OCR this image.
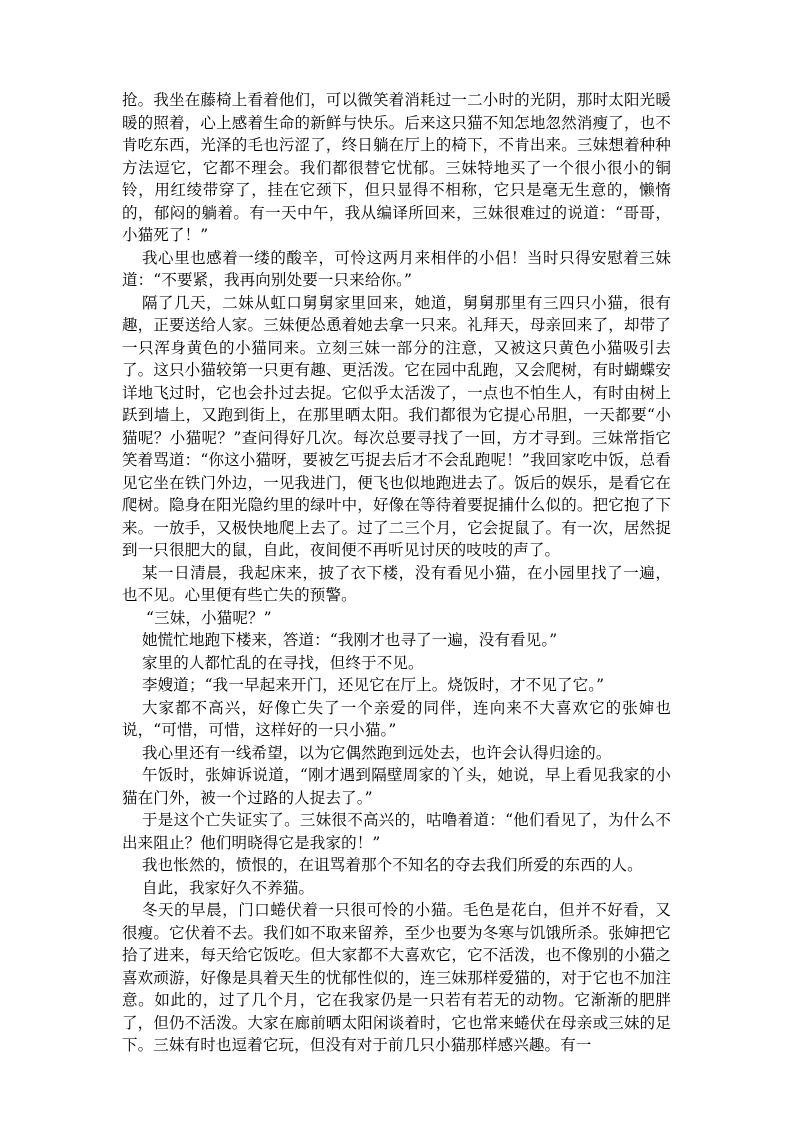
抢。我坐在藤椅上看着他们，可以微笑着消耗过一二小时的光阴，那时太阳光暖暖的照着，心上感着生命的新鲜与快乐。后来这只猫不知怎地忽然消瘦了，也不肯吃东西，光泽的毛也污涩了，终日躺在厅上的椅下，不肯出来。三妹想着种种方法逗它，它都不理会。我们都很替它忧郁。三妹特地买了一个很小很小的铜铃，用红绫带穿了，挂在它颈下，但只显得不相称，它只是毫无生意的，懒惰的，郁闷的躺着。有一天中午，我从编译所回来，三妹很难过的说道：“哥哥，小猫死了！”

我心里也感着一缕的酸辛，可怜这两月来相伴的小侣！当时只得安慰着三妹道：“不要紧，我再向别处要一只来给你。”

隔了几天，二妹从虹口舅舅家里回来，她道，舅舅那里有三四只小猫，很有趣，正要送给人家。三妹便怂恿着她去拿一只来。礼拜天，母亲回来了，却带了一只浑身黄色的小猫同来。立刻三妹一部分的注意，又被这只黄色小猫吸引去了。这只小猫较第一只更有趣、更活泼。它在园中乱跑，又会爬树，有时蝴蝶安详地飞过时，它也会扑过去捉。它似乎太活泼了，一点也不怕生人，有时由树上跃到墙上，又跑到街上，在那里晒太阳。我们都很为它提心吊胆，一天都要“小猫呢？小猫呢？”查问得好几次。每次总要寻找了一回，方才寻到。三妹常指它笑着骂道：“你这小猫呀，要被乞丐捉去后才不会乱跑呢！”我回家吃中饭，总看见它坐在铁门外边，一见我进门，便飞也似地跑进去了。饭后的娱乐，是看它在爬树。隐身在阳光隐约里的绿叶中，好像在等待着要捉捕什么似的。把它抱了下来。一放手，又极快地爬上去了。过了二三个月，它会捉鼠了。有一次，居然捉到一只很肥大的鼠，自此，夜间便不再听见讨厌的吱吱的声了。

某一日清晨，我起床来，披了衣下楼，没有看见小猫，在小园里找了一遍，也不见。心里便有些亡失的预警。

“三妹，小猫呢？”

她慌忙地跑下楼来，答道：“我刚才也寻了一遍，没有看见。”

家里的人都忙乱的在寻找，但终于不见。

李嫂道；“我一早起来开门，还见它在厅上。烧饭时，才不见了它。”

大家都不高兴，好像亡失了一个亲爱的同伴，连向来不大喜欢它的张婶也说，“可惜，可惜，这样好的一只小猫。”

我心里还有一线希望，以为它偶然跑到远处去，也许会认得归途的。

午饭时，张婶诉说道，“刚才遇到隔壁周家的丫头，她说，早上看见我家的小猫在门外，被一个过路的人捉去了。”

于是这个亡失证实了。三妹很不高兴的，咕噜着道：“他们看见了，为什么不出来阻止？他们明晓得它是我家的！”

我也怅然的，愤恨的，在诅骂着那个不知名的夺去我们所爱的东西的人。

自此，我家好久不养猫。

冬天的早晨，门口蜷伏着一只很可怜的小猫。毛色是花白，但并不好看，又很瘦。它伏着不去。我们如不取来留养，至少也要为冬寒与饥饿所杀。张婶把它拾了进来，每天给它饭吃。但大家都不大喜欢它，它不活泼，也不像别的小猫之喜欢顽游，好像是具着天生的忧郁性似的，连三妹那样爱猫的，对于它也不加注意。如此的，过了几个月，它在我家仍是一只若有若无的动物。它渐渐的肥胖了，但仍不活泼。大家在廊前晒太阳闲谈着时，它也常来蜷伏在母亲或三妹的足下。三妹有时也逗着它玩，但没有对于前几只小猫那样感兴趣。有一
